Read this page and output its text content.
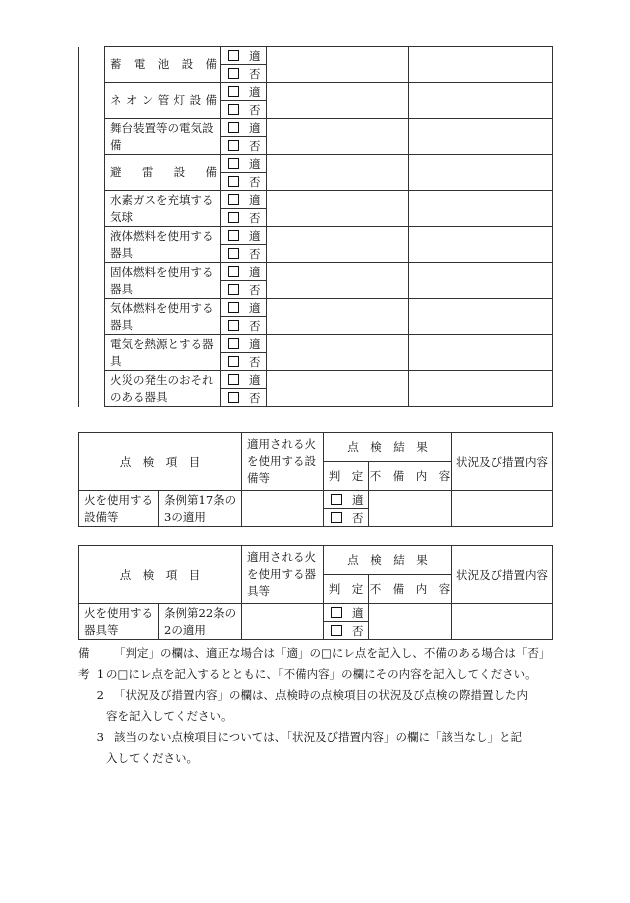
	蓄電池設備	適		
		否		
	ネオン管灯設備	適		
		否		
	舞台装置等の電気設備	適		
		否		
	避雷設備	適		
		否		
	水素ガスを充填する気球	適		
		否		
	液体燃料を使用する器具	適		
		否		
	固体燃料を使用する器具	適		
		否		
	気体燃料を使用する器具	適		
		否		
	電気を熱源とする器具	適		
		否		
	火災の発生のおそれのある器具	適		
		否		
点　検　項　目		適用される火を使用する設備等	点　検　結　果		状況及び措置内容
			判　定	不　備　内　容	
火を使用する設備等	条例第17条の3の適用		適		
			否		
点　検　項　目		適用される火を使用する器具等	点　検　結　果		状況及び措置内容
			判　定	不　備　内　容	
火を使用する器具等	条例第22条の2の適用		適		
			否		
備考 1
「判定」の欄は、適正な場合は「適」の□にレ点を記入し、不備のある場合は「否」
の□にレ点を記入するとともに、「不備内容」の欄にその内容を記入してください。
2 「状況及び措置内容」の欄は、点検時の点検項目の状況及び点検の際措置した内
容を記入してください。
3 該当のない点検項目については、「状況及び措置内容」の欄に「該当なし」と記
入してください。
